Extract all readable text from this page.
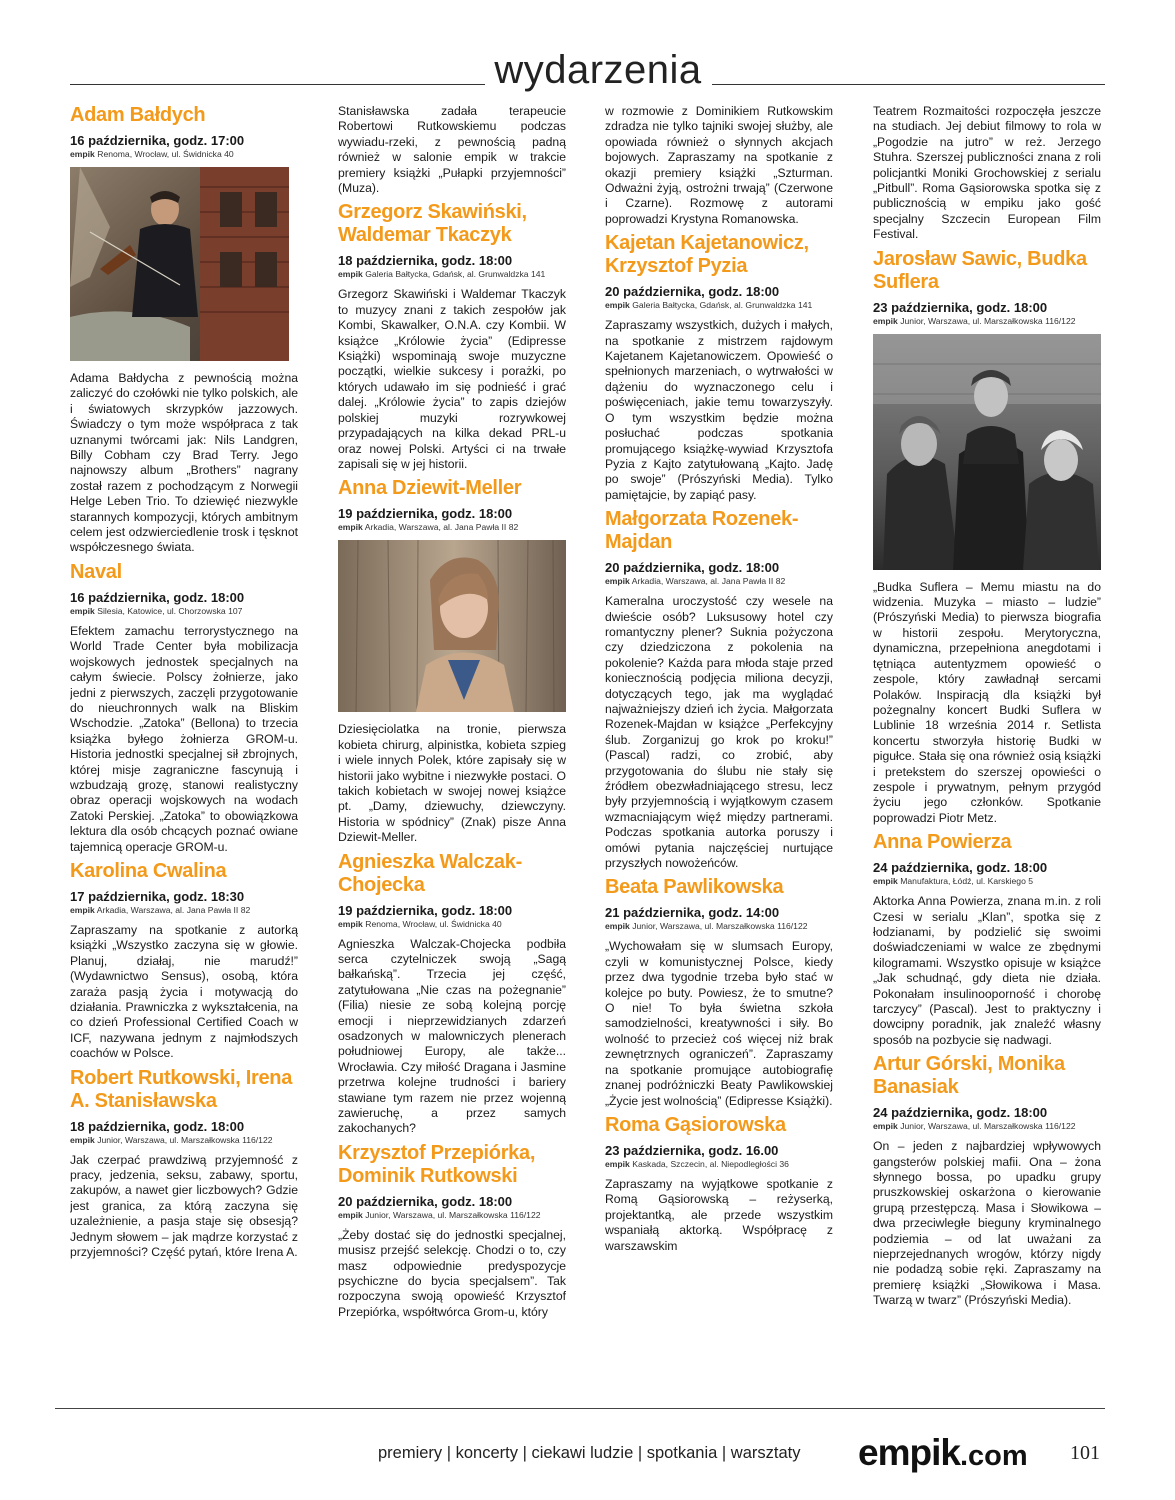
wydarzenia
Adam Bałdych
16 października, godz. 17:00
empik Renoma, Wrocław, ul. Świdnicka 40

Adama Bałdycha z pewnością można zaliczyć do czołówki nie tylko polskich, ale i światowych skrzypków jazzowych. Świadczy o tym może współpraca z tak uznanymi twórcami jak: Nils Landgren, Billy Cobham czy Brad Terry. Jego najnowszy album „Brothers” nagrany został razem z pochodzącym z Norwegii Helge Leben Trio. To dziewięć niezwykle starannych kompozycji, których ambitnym celem jest odzwierciedlenie trosk i tęsknot współczesnego świata.

Naval
16 października, godz. 18:00
empik Silesia, Katowice, ul. Chorzowska 107

Efektem zamachu terrorystycznego na World Trade Center była mobilizacja wojskowych jednostek specjalnych na całym świecie. Polscy żołnierze, jako jedni z pierwszych, zaczęli przygotowanie do nieuchronnych walk na Bliskim Wschodzie. „Zatoka” (Bellona) to trzecia książka byłego żołnierza GROM-u. Historia jednostki specjalnej sił zbrojnych, której misje zagraniczne fascynują i wzbudzają grozę, stanowi realistyczny obraz operacji wojskowych na wodach Zatoki Perskiej. „Zatoka” to obowiązkowa lektura dla osób chcących poznać owiane tajemnicą operacje GROM-u.

Karolina Cwalina
17 października, godz. 18:30
empik Arkadia, Warszawa, al. Jana Pawła II 82

Zapraszamy na spotkanie z autorką książki „Wszystko zaczyna się w głowie. Planuj, działaj, nie marudź!” (Wydawnictwo Sensus), osobą, która zaraża pasją życia i motywacją do działania. Prawniczka z wykształcenia, na co dzień Professional Certified Coach w ICF, nazywana jednym z najmłodszych coachów w Polsce.

Robert Rutkowski, Irena A. Stanisławska
18 października, godz. 18:00
empik Junior, Warszawa, ul. Marszałkowska 116/122

Jak czerpać prawdziwą przyjemność z pracy, jedzenia, seksu, zabawy, sportu, zakupów, a nawet gier liczbowych? Gdzie jest granica, za którą zaczyna się uzależnienie, a pasja staje się obsesją? Jednym słowem – jak mądrze korzystać z przyjemności? Część pytań, które Irena A.

Stanisławska zadała terapeucie Robertowi Rutkowskiemu podczas wywiadu-rzeki, z pewnością padną również w salonie empik w trakcie premiery książki „Pułapki przyjemności” (Muza).

Grzegorz Skawiński, Waldemar Tkaczyk
18 października, godz. 18:00
empik Galeria Bałtycka, Gdańsk, al. Grunwaldzka 141

Grzegorz Skawiński i Waldemar Tkaczyk to muzycy znani z takich zespołów jak Kombi, Skawalker, O.N.A. czy Kombii. W książce „Królowie życia” (Edipresse Książki) wspominają swoje muzyczne początki, wielkie sukcesy i porażki, po których udawało im się podnieść i grać dalej. „Królowie życia” to zapis dziejów polskiej muzyki rozrywkowej przypadających na kilka dekad PRL-u oraz nowej Polski. Artyści ci na trwałe zapisali się w jej historii.

Anna Dziewit-Meller
19 października, godz. 18:00
empik Arkadia, Warszawa, al. Jana Pawła II 82

Dziesięciolatka na tronie, pierwsza kobieta chirurg, alpinistka, kobieta szpieg i wiele innych Polek, które zapisały się w historii jako wybitne i niezwykłe postaci. O takich kobietach w swojej nowej książce pt. „Damy, dziewuchy, dziewczyny. Historia w spódnicy” (Znak) pisze Anna Dziewit-Meller.

Agnieszka Walczak-Chojecka
19 października, godz. 18:00
empik Renoma, Wrocław, ul. Świdnicka 40

Agnieszka Walczak-Chojecka podbiła serca czytelniczek swoją „Sagą bałkańską”. Trzecia jej część, zatytułowana „Nie czas na pożegnanie” (Filia) niesie ze sobą kolejną porcję emocji i nieprzewidzianych zdarzeń osadzonych w malowniczych plenerach południowej Europy, ale także... Wrocławia. Czy miłość Dragana i Jasmine przetrwa kolejne trudności i bariery stawiane tym razem nie przez wojenną zawieruchę, a przez samych zakochanych?

Krzysztof Przepiórka, Dominik Rutkowski
20 października, godz. 18:00
empik Junior, Warszawa, ul. Marszałkowska 116/122

„Żeby dostać się do jednostki specjalnej, musisz przejść selekcję. Chodzi o to, czy masz odpowiednie predyspozycje psychiczne do bycia specjalsem”. Tak rozpoczyna swoją opowieść Krzysztof Przepiórka, współtwórca Grom-u, który

w rozmowie z Dominikiem Rutkowskim zdradza nie tylko tajniki swojej służby, ale opowiada również o słynnych akcjach bojowych. Zapraszamy na spotkanie z okazji premiery książki „Szturman. Odważni żyją, ostrożni trwają” (Czerwone i Czarne). Rozmowę z autorami poprowadzi Krystyna Romanowska.

Kajetan Kajetanowicz, Krzysztof Pyzia
20 października, godz. 18:00
empik Galeria Bałtycka, Gdańsk, al. Grunwaldzka 141

Zapraszamy wszystkich, dużych i małych, na spotkanie z mistrzem rajdowym Kajetanem Kajetanowiczem. Opowieść o spełnionych marzeniach, o wytrwałości w dążeniu do wyznaczonego celu i poświęceniach, jakie temu towarzyszyły. O tym wszystkim będzie można posłuchać podczas spotkania promującego książkę-wywiad Krzysztofa Pyzia z Kajto zatytułowaną „Kajto. Jadę po swoje” (Prószyński Media). Tylko pamiętajcie, by zapiąć pasy.

Małgorzata Rozenek-Majdan
20 października, godz. 18:00
empik Arkadia, Warszawa, al. Jana Pawła II 82

Kameralna uroczystość czy wesele na dwieście osób? Luksusowy hotel czy romantyczny plener? Suknia pożyczona czy dziedziczona z pokolenia na pokolenie? Każda para młoda staje przed koniecznością podjęcia miliona decyzji, dotyczących tego, jak ma wyglądać najważniejszy dzień ich życia. Małgorzata Rozenek-Majdan w książce „Perfekcyjny ślub. Zorganizuj go krok po kroku!” (Pascal) radzi, co zrobić, aby przygotowania do ślubu nie stały się źródłem obezwładniającego stresu, lecz były przyjemnością i wyjątkowym czasem wzmacniającym więź między partnerami. Podczas spotkania autorka poruszy i omówi pytania najczęściej nurtujące przyszłych nowożeńców.

Beata Pawlikowska
21 października, godz. 14:00
empik Junior, Warszawa, ul. Marszałkowska 116/122

„Wychowałam się w slumsach Europy, czyli w komunistycznej Polsce, kiedy przez dwa tygodnie trzeba było stać w kolejce po buty. Powiesz, że to smutne? O nie! To była świetna szkoła samodzielności, kreatywności i siły. Bo wolność to przecież coś więcej niż brak zewnętrznych ograniczeń”. Zapraszamy na spotkanie promujące autobiografię znanej podróżniczki Beaty Pawlikowskiej „Życie jest wolnością” (Edipresse Książki).

Roma Gąsiorowska
23 października, godz. 16.00
empik Kaskada, Szczecin, al. Niepodległości 36

Zapraszamy na wyjątkowe spotkanie z Romą Gąsiorowską – reżyserką, projektantką, ale przede wszystkim wspaniałą aktorką. Współpracę z warszawskim

Teatrem Rozmaitości rozpoczęła jeszcze na studiach. Jej debiut filmowy to rola w „Pogodzie na jutro” w reż. Jerzego Stuhra. Szerszej publiczności znana z roli policjantki Moniki Grochowskiej z serialu „Pitbull”. Roma Gąsiorowska spotka się z publicznością w empiku jako gość specjalny Szczecin European Film Festival.

Jarosław Sawic, Budka Suflera
23 października, godz. 18:00
empik Junior, Warszawa, ul. Marszałkowska 116/122

„Budka Suflera – Memu miastu na do widzenia. Muzyka – miasto – ludzie” (Prószyński Media) to pierwsza biografia w historii zespołu. Merytoryczna, dynamiczna, przepełniona anegdotami i tętniąca autentyzmem opowieść o zespole, który zawładnął sercami Polaków. Inspiracją dla książki był pożegnalny koncert Budki Suflera w Lublinie 18 września 2014 r. Setlista koncertu stworzyła historię Budki w pigułce. Stała się ona również osią książki i pretekstem do szerszej opowieści o zespole i prywatnym, pełnym przygód życiu jego członków. Spotkanie poprowadzi Piotr Metz.

Anna Powierza
24 października, godz. 18:00
empik Manufaktura, Łódź, ul. Karskiego 5

Aktorka Anna Powierza, znana m.in. z roli Czesi w serialu „Klan”, spotka się z łodzianami, by podzielić się swoimi doświadczeniami w walce ze zbędnymi kilogramami. Wszystko opisuje w książce „Jak schudnąć, gdy dieta nie działa. Pokonałam insulinooporność i chorobę tarczycy” (Pascal). Jest to praktyczny i dowcipny poradnik, jak znaleźć własny sposób na pozbycie się nadwagi.

Artur Górski, Monika Banasiak
24 października, godz. 18:00
empik Junior, Warszawa, ul. Marszałkowska 116/122

On – jeden z najbardziej wpływowych gangsterów polskiej mafii. Ona – żona słynnego bossa, po upadku grupy pruszkowskiej oskarżona o kierowanie grupą przestępczą. Masa i Słowikowa – dwa przeciwległe bieguny kryminalnego podziemia – od lat uważani za nieprzejednanych wrogów, którzy nigdy nie podadzą sobie ręki. Zapraszamy na premierę książki „Słowikowa i Masa. Twarzą w twarz” (Prószyński Media).

premiery | koncerty | ciekawi ludzie | spotkania | warsztaty empik.com 101
